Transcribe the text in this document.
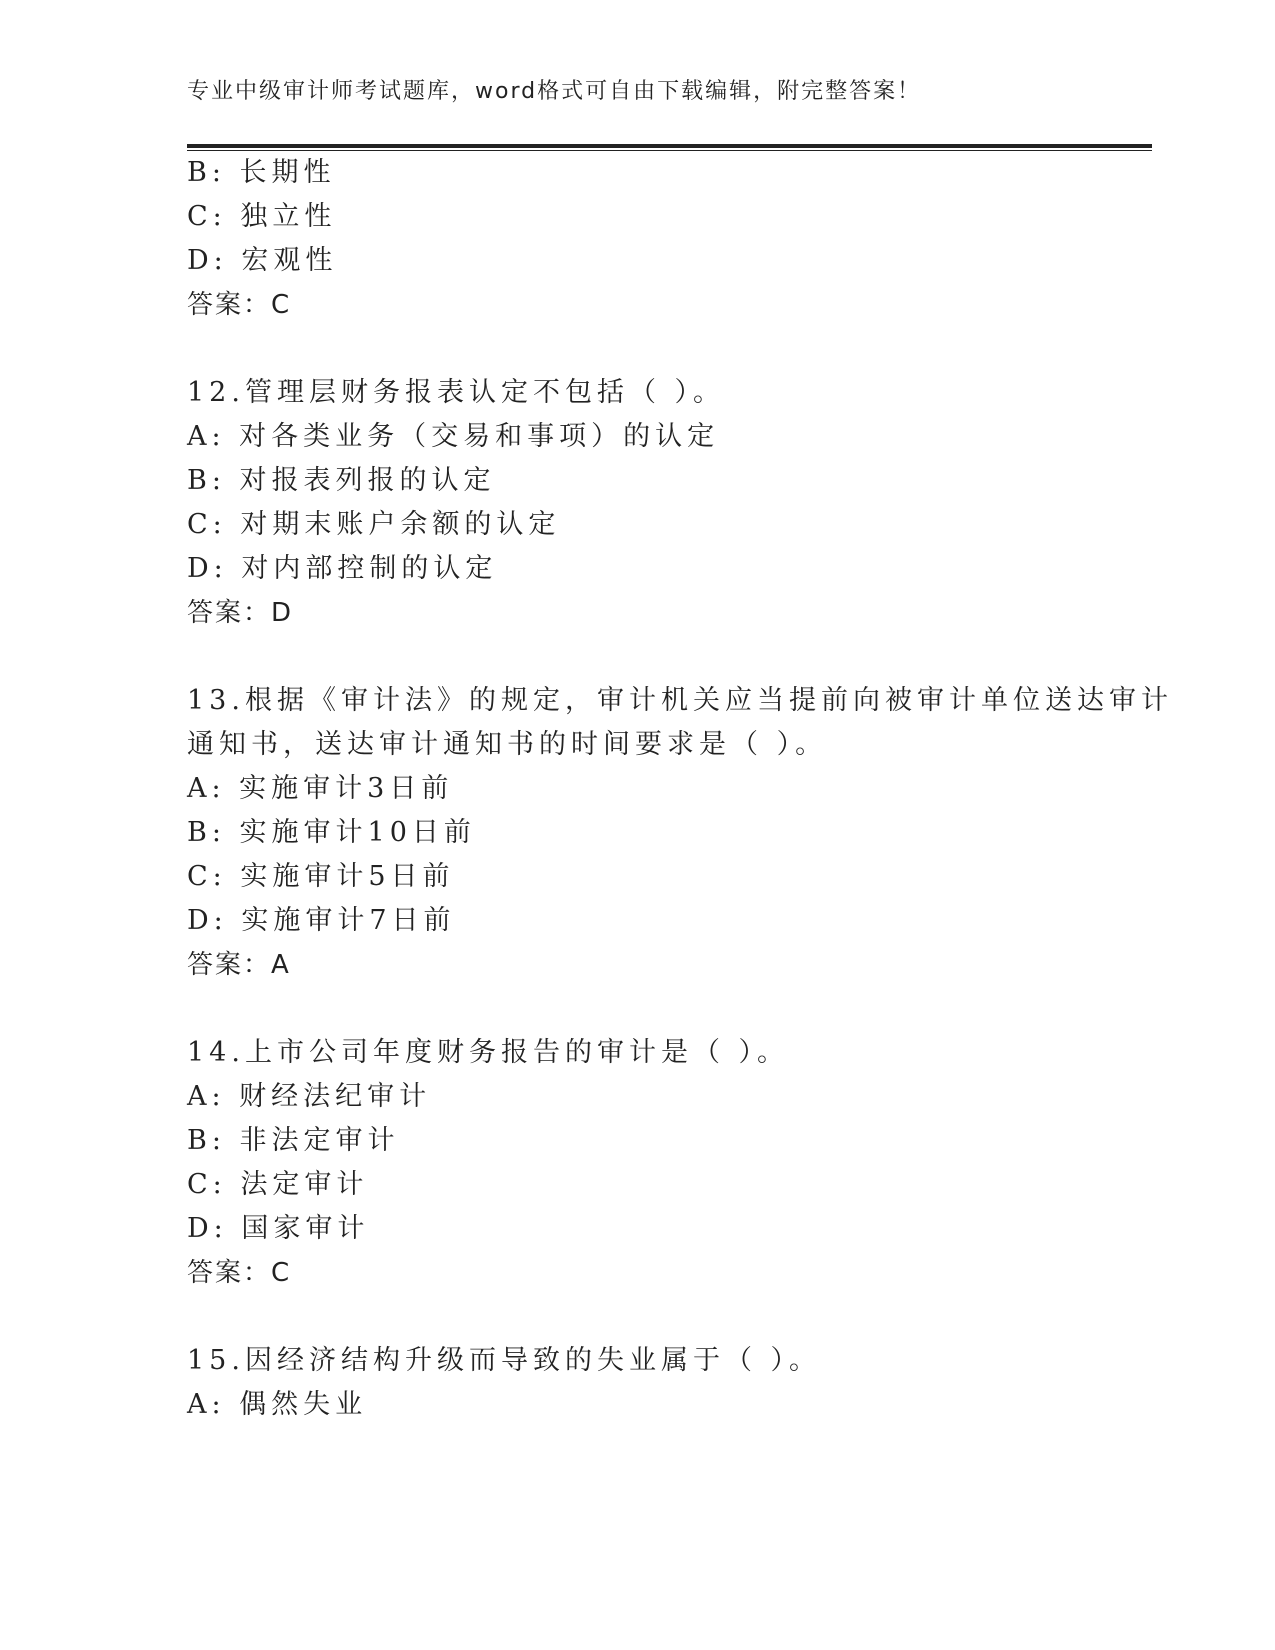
专业中级审计师考试题库，word格式可自由下载编辑，附完整答案！
B: 长期性
C: 独立性
D: 宏观性
答案：C
12.管理层财务报表认定不包括（ ）。
A: 对各类业务（交易和事项）的认定
B: 对报表列报的认定
C: 对期末账户余额的认定
D: 对内部控制的认定
答案：D
13.根据《审计法》的规定，审计机关应当提前向被审计单位送达审计
通知书，送达审计通知书的时间要求是（ ）。
A: 实施审计3日前
B: 实施审计10日前
C: 实施审计5日前
D: 实施审计7日前
答案：A
14.上市公司年度财务报告的审计是（ ）。
A: 财经法纪审计
B: 非法定审计
C: 法定审计
D: 国家审计
答案：C
15.因经济结构升级而导致的失业属于（ ）。
A: 偶然失业
